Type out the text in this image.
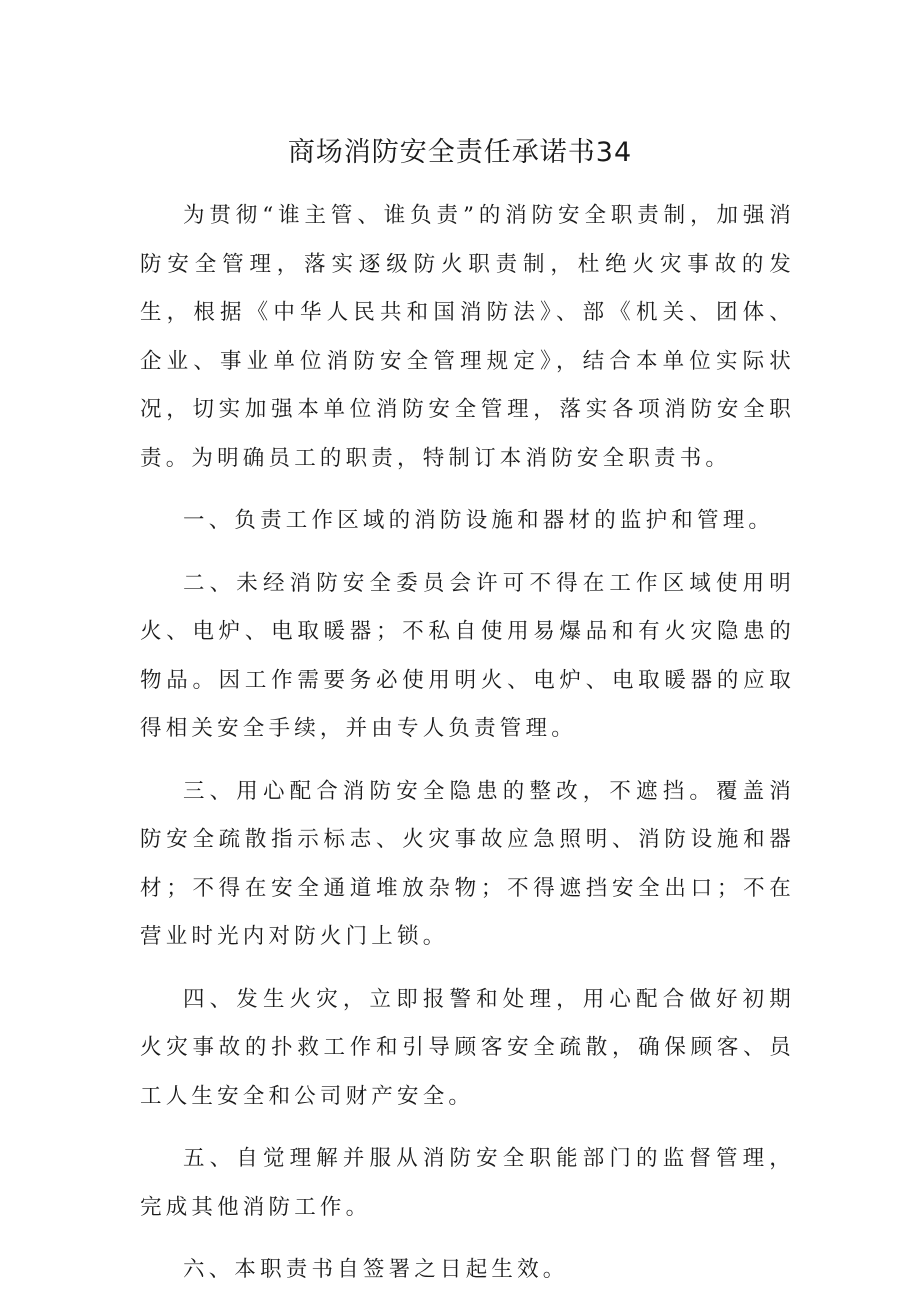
商场消防安全责任承诺书34

为贯彻“谁主管、谁负责”的消防安全职责制，加强消防安全管理，落实逐级防火职责制，杜绝火灾事故的发生，根据《中华人民共和国消防法》、部《机关、团体、企业、事业单位消防安全管理规定》，结合本单位实际状况，切实加强本单位消防安全管理，落实各项消防安全职责。为明确员工的职责，特制订本消防安全职责书。

一、负责工作区域的消防设施和器材的监护和管理。

二、未经消防安全委员会许可不得在工作区域使用明火、电炉、电取暖器；不私自使用易爆品和有火灾隐患的物品。因工作需要务必使用明火、电炉、电取暖器的应取得相关安全手续，并由专人负责管理。

三、用心配合消防安全隐患的整改，不遮挡。覆盖消防安全疏散指示标志、火灾事故应急照明、消防设施和器材；不得在安全通道堆放杂物；不得遮挡安全出口；不在营业时光内对防火门上锁。

四、发生火灾，立即报警和处理，用心配合做好初期火灾事故的扑救工作和引导顾客安全疏散，确保顾客、员工人生安全和公司财产安全。

五、自觉理解并服从消防安全职能部门的监督管理，完成其他消防工作。

六、本职责书自签署之日起生效。
